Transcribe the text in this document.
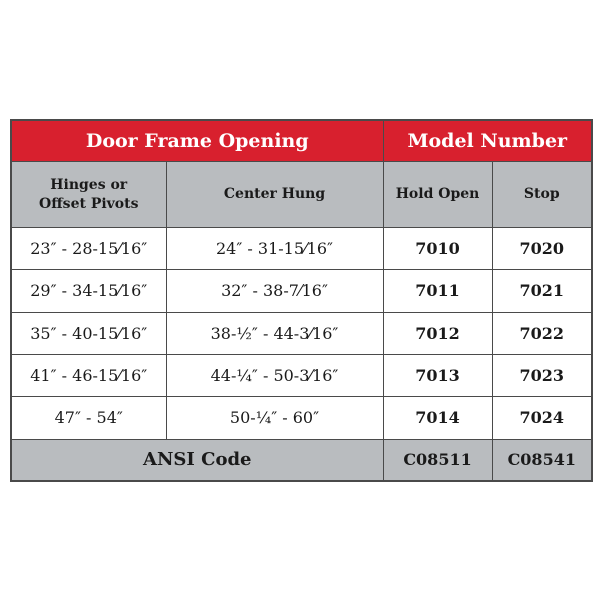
Door Frame Opening		Model Number	
Hinges or
Offset Pivots	Center Hung	Hold Open	Stop
23″ - 28-15⁄16″	24″ - 31-15⁄16″	7010	7020
29″ - 34-15⁄16″	32″ - 38-7⁄16″	7011	7021
35″ - 40-15⁄16″	38-½″ - 44-3⁄16″	7012	7022
41″ - 46-15⁄16″	44-¼″ - 50-3⁄16″	7013	7023
47″ - 54″	50-¼″ - 60″	7014	7024
ANSI Code		C08511	C08541
